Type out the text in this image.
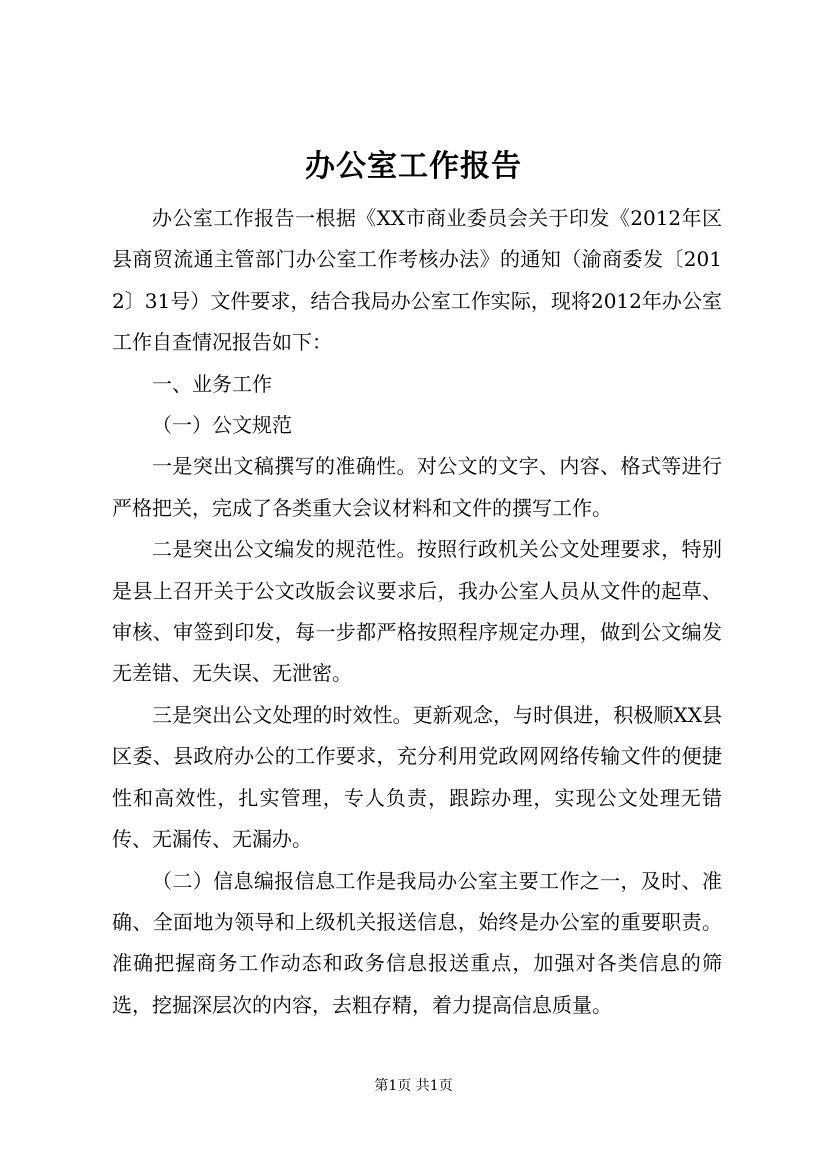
办公室工作报告

办公室工作报告一根据《XX市商业委员会关于印发《2012年区县商贸流通主管部门办公室工作考核办法》的通知（渝商委发〔2012〕31号）文件要求，结合我局办公室工作实际，现将2012年办公室工作自查情况报告如下：

一、业务工作

（一）公文规范

一是突出文稿撰写的准确性。对公文的文字、内容、格式等进行严格把关，完成了各类重大会议材料和文件的撰写工作。

二是突出公文编发的规范性。按照行政机关公文处理要求，特别是县上召开关于公文改版会议要求后，我办公室人员从文件的起草、审核、审签到印发，每一步都严格按照程序规定办理，做到公文编发无差错、无失误、无泄密。

三是突出公文处理的时效性。更新观念，与时俱进，积极顺XX县区委、县政府办公的工作要求，充分利用党政网网络传输文件的便捷性和高效性，扎实管理，专人负责，跟踪办理，实现公文处理无错传、无漏传、无漏办。

（二）信息编报信息工作是我局办公室主要工作之一，及时、准确、全面地为领导和上级机关报送信息，始终是办公室的重要职责。准确把握商务工作动态和政务信息报送重点，加强对各类信息的筛选，挖掘深层次的内容，去粗存精，着力提高信息质量。

第1页 共1页
